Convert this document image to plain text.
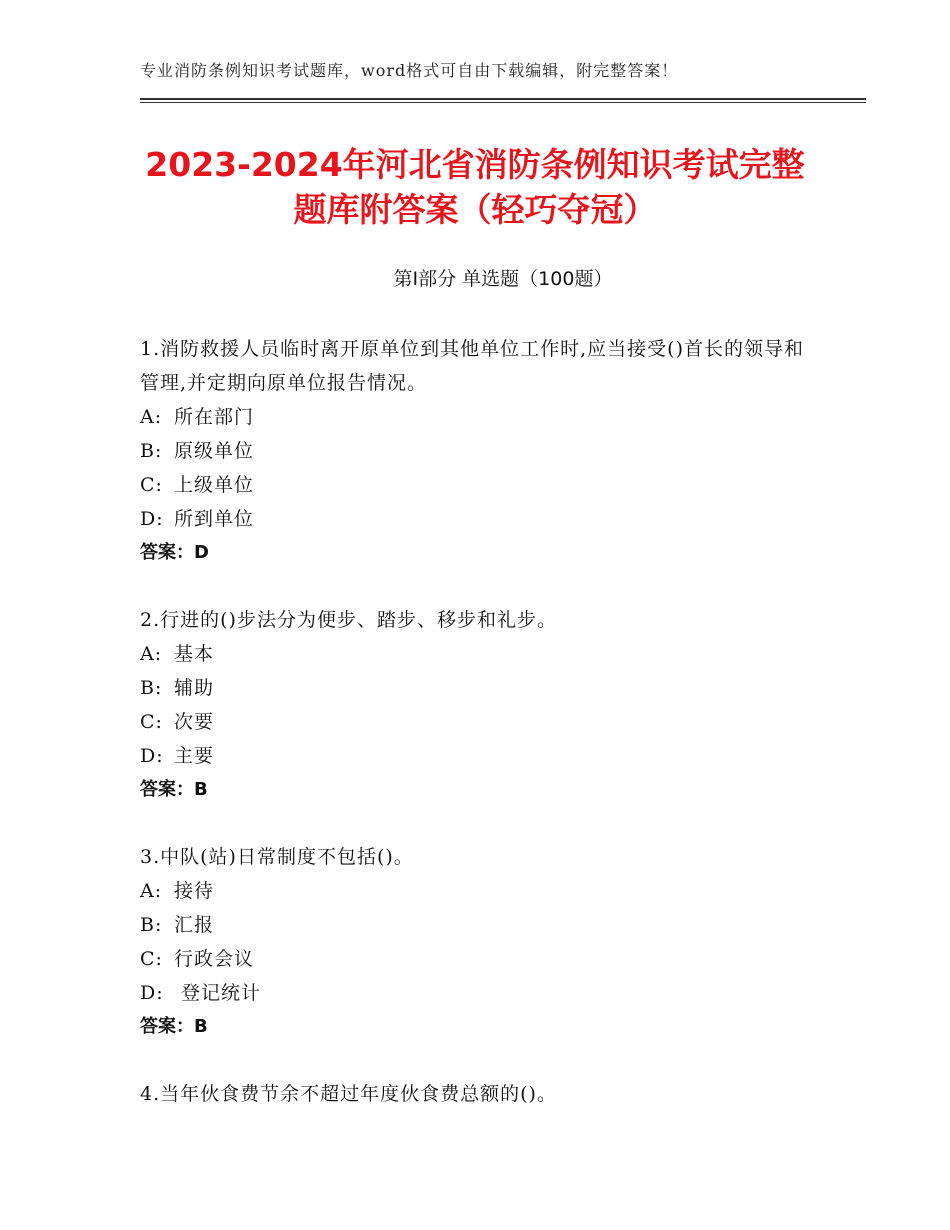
专业消防条例知识考试题库，word格式可自由下载编辑，附完整答案！
2023-2024年河北省消防条例知识考试完整
题库附答案（轻巧夺冠）
第Ⅰ部分 单选题（100题）
1.消防救援人员临时离开原单位到其他单位工作时,应当接受()首长的领导和管理,并定期向原单位报告情况。
A: 所在部门
B: 原级单位
C: 上级单位
D: 所到单位
答案：D
2.行进的()步法分为便步、踏步、移步和礼步。
A: 基本
B: 辅助
C: 次要
D: 主要
答案：B
3.中队(站)日常制度不包括()。
A: 接待
B: 汇报
C: 行政会议
D: 登记统计
答案：B
4.当年伙食费节余不超过年度伙食费总额的()。
